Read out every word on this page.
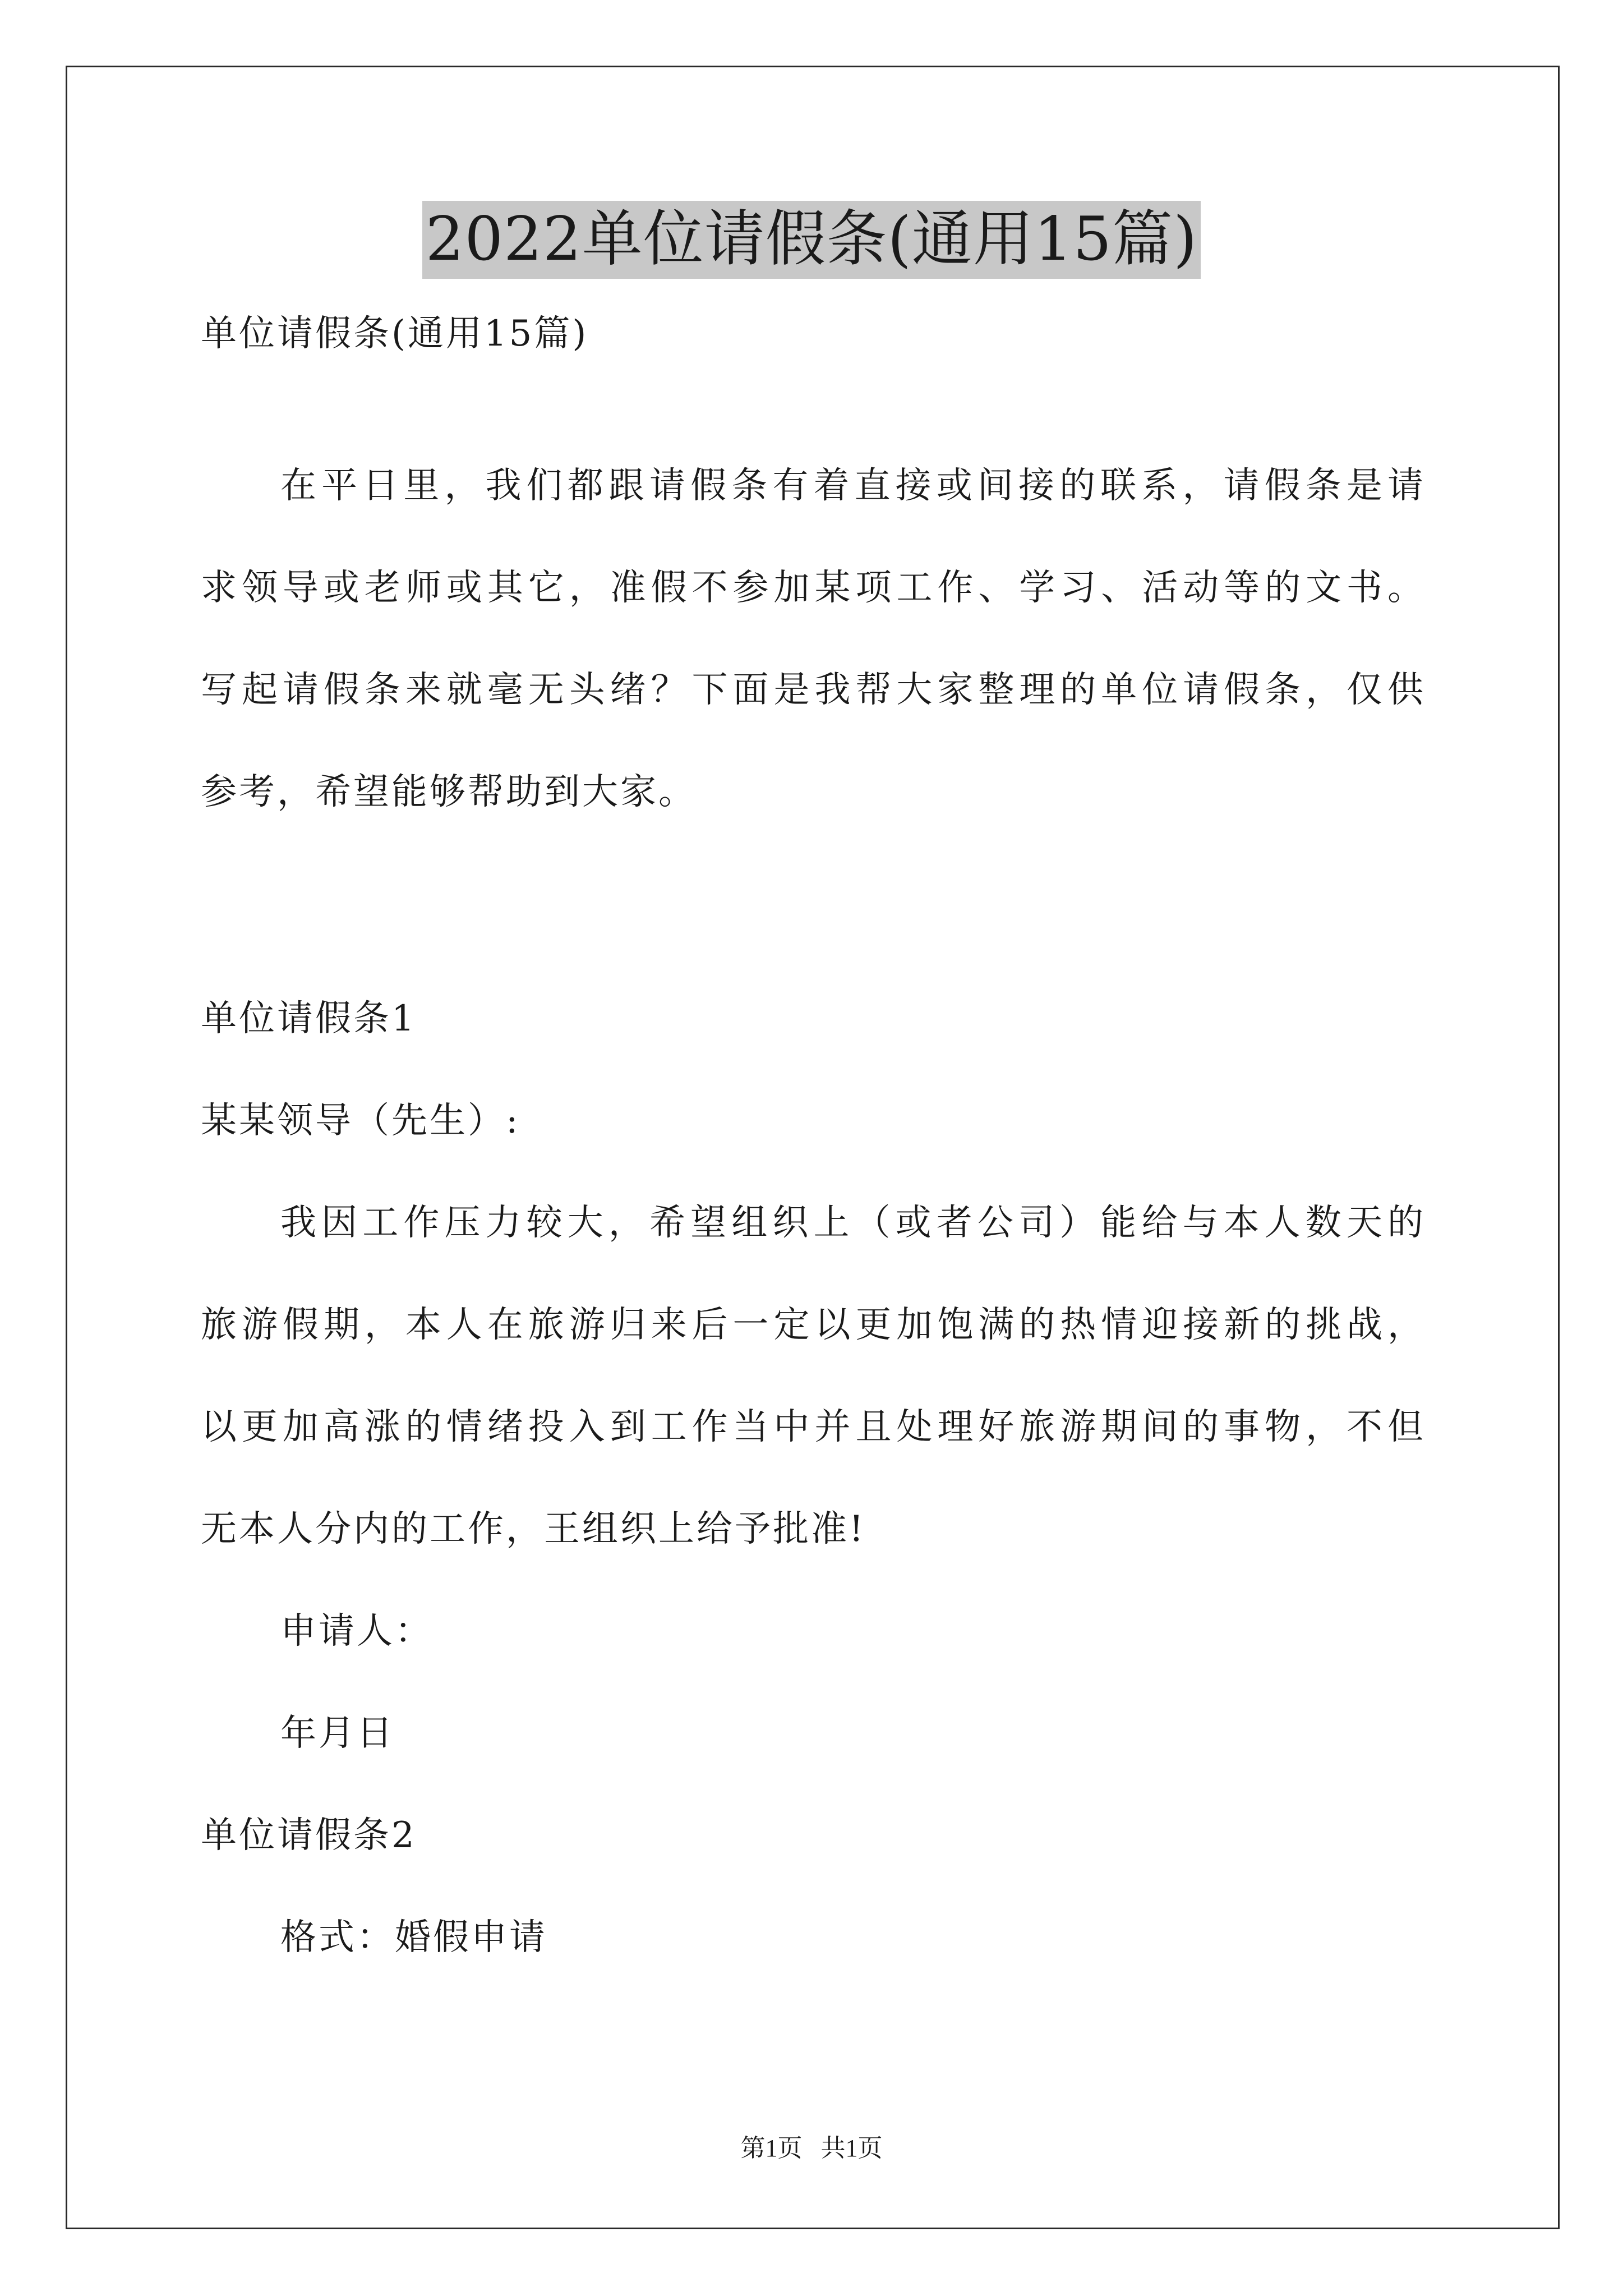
2022单位请假条(通用15篇)
单位请假条(通用15篇)
在平日里，我们都跟请假条有着直接或间接的联系，请假条是请
求领导或老师或其它，准假不参加某项工作、学习、活动等的文书。
写起请假条来就毫无头绪？下面是我帮大家整理的单位请假条，仅供
参考，希望能够帮助到大家。
单位请假条1
某某领导（先生）:
我因工作压力较大，希望组织上（或者公司）能给与本人数天的
旅游假期，本人在旅游归来后一定以更加饱满的热情迎接新的挑战，
以更加高涨的情绪投入到工作当中并且处理好旅游期间的事物，不但
无本人分内的工作，王组织上给予批准!
申请人：
年月日
单位请假条2
格式：婚假申请
第1页   共1页
